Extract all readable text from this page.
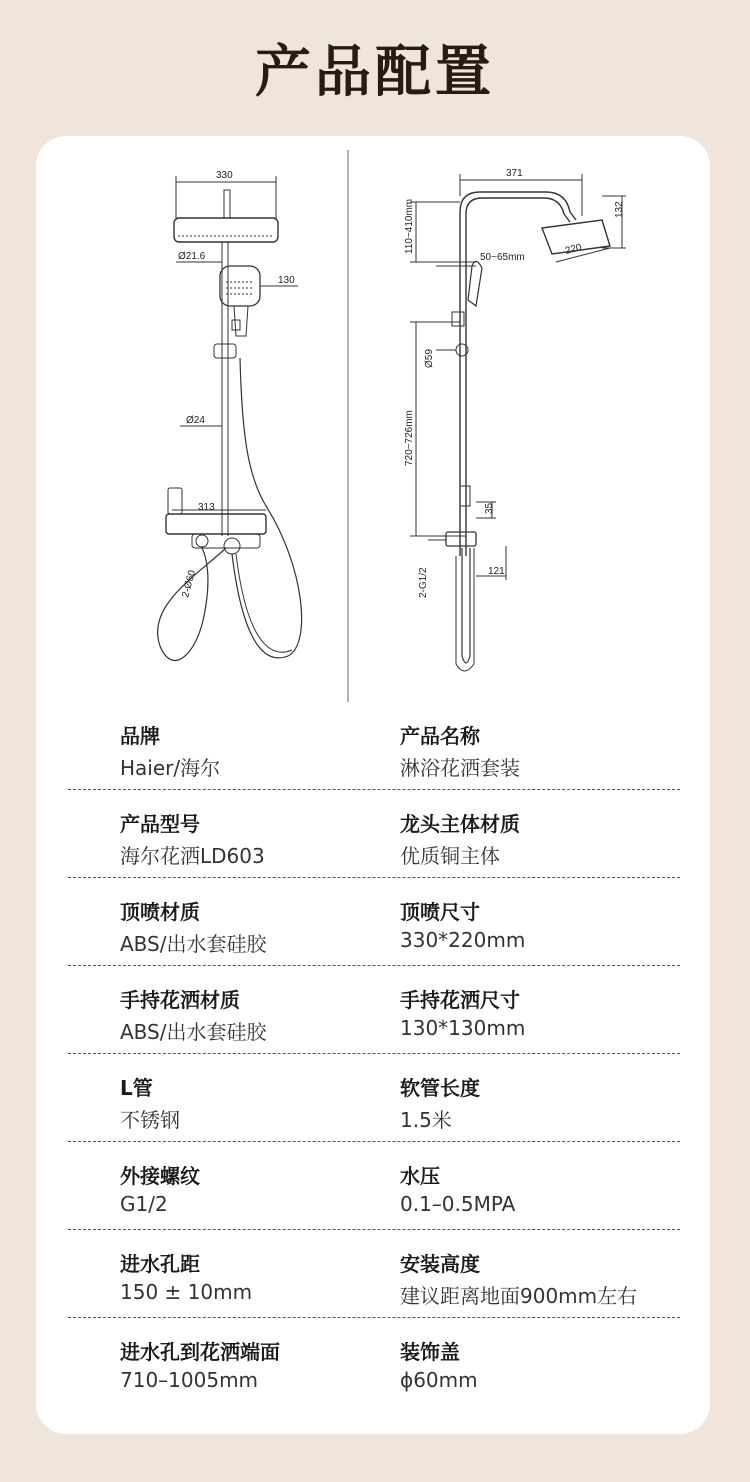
产品配置
330
Ø21.6
130
Ø24
313
2-Ø60
371
132
220
50~65mm
110~410mm
Ø59
720~726mm
35
121
2-G1/2
品牌
Haier/海尔
产品名称
淋浴花洒套装
产品型号
海尔花洒LD603
龙头主体材质
优质铜主体
顶喷材质
ABS/出水套硅胶
顶喷尺寸
330*220mm
手持花洒材质
ABS/出水套硅胶
手持花洒尺寸
130*130mm
L管
不锈钢
软管长度
1.5米
外接螺纹
G1/2
水压
0.1–0.5MPA
进水孔距
150 ± 10mm
安装高度
建议距离地面900mm左右
进水孔到花洒端面
710–1005mm
装饰盖
ϕ60mm
